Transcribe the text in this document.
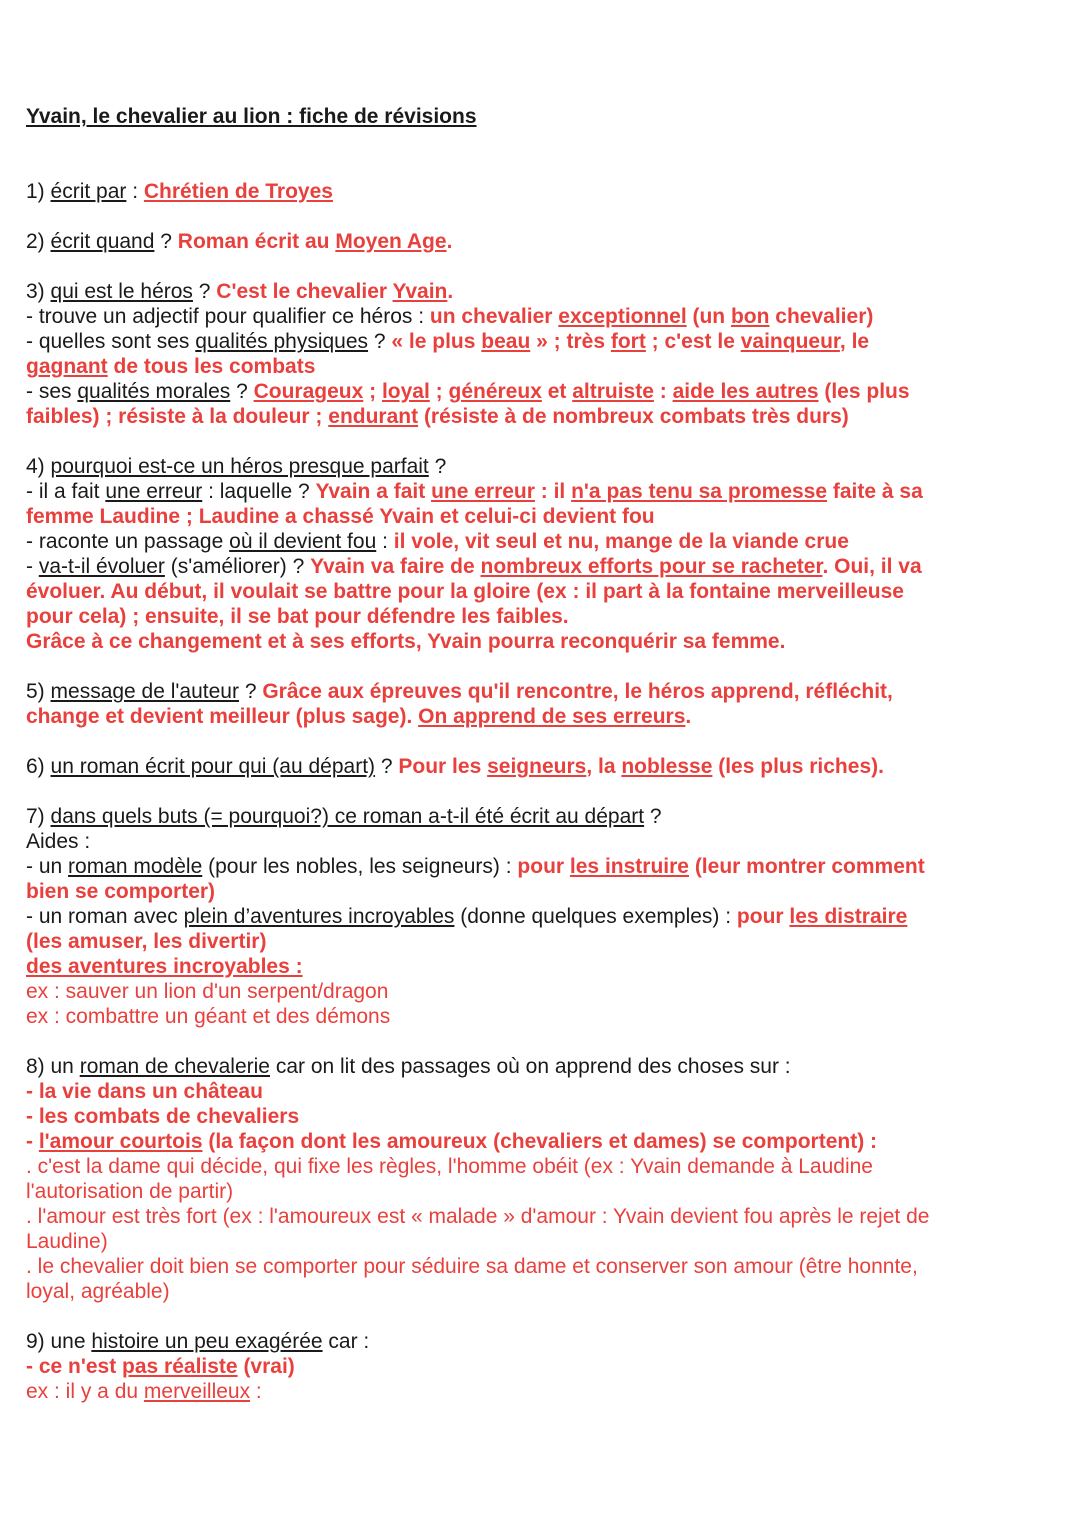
Yvain, le chevalier au lion : fiche de révisions
1) écrit par : Chrétien de Troyes
2) écrit quand ? Roman écrit au Moyen Age.
3) qui est le héros ? C'est le chevalier Yvain.
- trouve un adjectif pour qualifier ce héros : un chevalier exceptionnel (un bon chevalier)
- quelles sont ses qualités physiques ? « le plus beau » ; très fort ; c'est le vainqueur, le
gagnant de tous les combats
- ses qualités morales ? Courageux ; loyal ; généreux et altruiste : aide les autres (les plus
faibles) ; résiste à la douleur ; endurant (résiste à de nombreux combats très durs)
4) pourquoi est-ce un héros presque parfait ?
- il a fait une erreur : laquelle ? Yvain a fait une erreur : il n'a pas tenu sa promesse faite à sa
femme Laudine ; Laudine a chassé Yvain et celui-ci devient fou
- raconte un passage où il devient fou : il vole, vit seul et nu, mange de la viande crue
- va-t-il évoluer (s'améliorer) ? Yvain va faire de nombreux efforts pour se racheter. Oui, il va
évoluer. Au début, il voulait se battre pour la gloire (ex : il part à la fontaine merveilleuse
pour cela) ; ensuite, il se bat pour défendre les faibles.
Grâce à ce changement et à ses efforts, Yvain pourra reconquérir sa femme.
5) message de l'auteur ? Grâce aux épreuves qu'il rencontre, le héros apprend, réfléchit,
change et devient meilleur (plus sage). On apprend de ses erreurs.
6) un roman écrit pour qui (au départ) ? Pour les seigneurs, la noblesse (les plus riches).
7) dans quels buts (= pourquoi?) ce roman a-t-il été écrit au départ ?
Aides :
- un roman modèle (pour les nobles, les seigneurs) : pour les instruire (leur montrer comment
bien se comporter)
- un roman avec plein d’aventures incroyables (donne quelques exemples) : pour les distraire
(les amuser, les divertir)
des aventures incroyables :
ex : sauver un lion d'un serpent/dragon
ex : combattre un géant et des démons
8) un roman de chevalerie car on lit des passages où on apprend des choses sur :
- la vie dans un château
- les combats de chevaliers
- l'amour courtois (la façon dont les amoureux (chevaliers et dames) se comportent) :
. c'est la dame qui décide, qui fixe les règles, l'homme obéit (ex : Yvain demande à Laudine
l'autorisation de partir)
. l'amour est très fort (ex : l'amoureux est « malade » d'amour : Yvain devient fou après le rejet de
Laudine)
. le chevalier doit bien se comporter pour séduire sa dame et conserver son amour (être honnte,
loyal, agréable)
9) une histoire un peu exagérée car :
- ce n'est pas réaliste (vrai)
ex : il y a du merveilleux :
